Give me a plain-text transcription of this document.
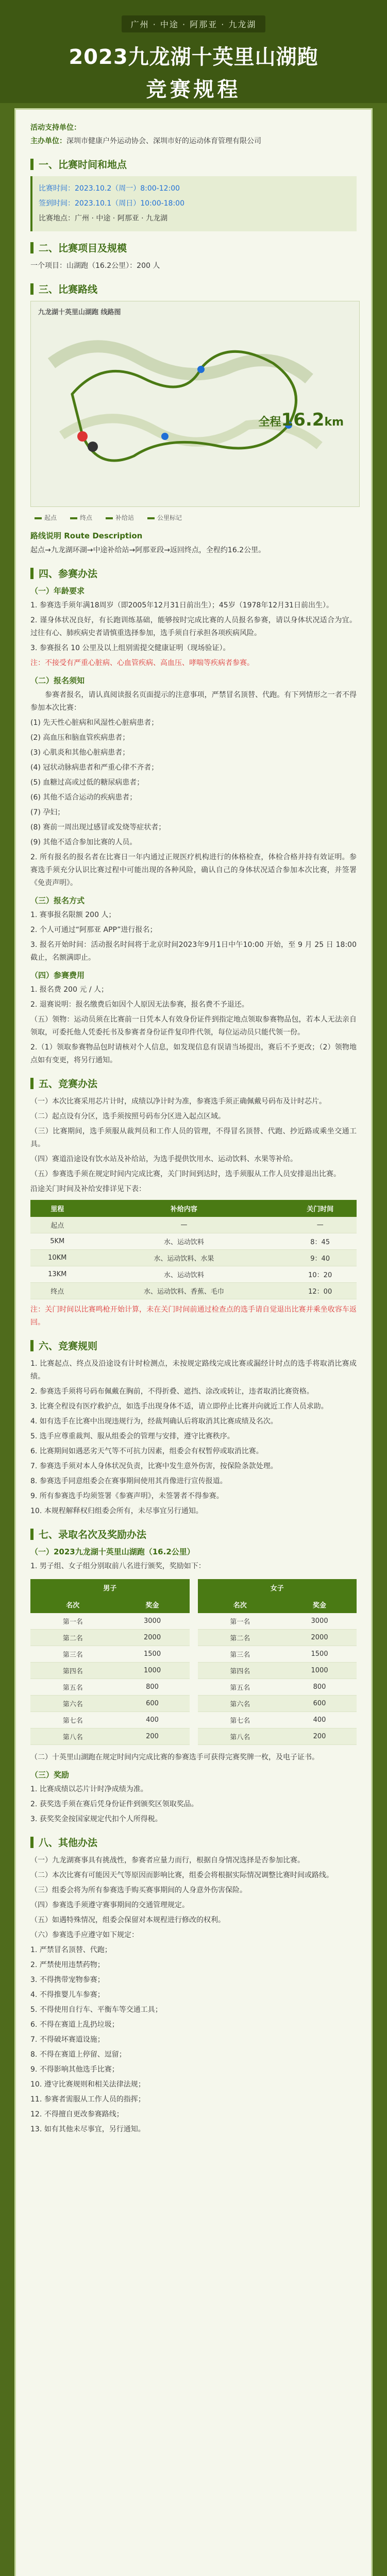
广州 · 中途 · 阿那亚 · 九龙湖
2023九龙湖十英里山湖跑
竞赛规程
活动支持单位：
主办单位：深圳市健康户外运动协会、深圳市好的运动体育管理有限公司
一、比赛时间和地点
比赛时间：2023.10.2（周一）8:00-12:00
签到时间：2023.10.1（周日）10:00-18:00
比赛地点：广州 · 中途 · 阿那亚 · 九龙湖
二、比赛项目及规模
一个项目：山湖跑（16.2公里）：200 人
三、比赛路线
九龙湖十英里山湖跑 线路图
全程16.2km
起点	终点	补给站	公里标记
路线说明 Route Description
起点→九龙湖环湖→中途补给站→阿那亚段→返回终点，全程约16.2公里。
四、参赛办法
（一）年龄要求
1. 参赛选手须年满18周岁（即2005年12月31日前出生）；45岁（1978年12月31日前出生）。
2. 谨身体状况良好，有长跑训练基础，能够按时完成比赛的人员报名参赛，请以身体状况适合为宜。过往有心、肺疾病史者请慎重选择参加，选手须自行承担各项疾病风险。
3. 参赛报名 10 公里及以上组别需提交健康证明（现场验证）。
注：不接受有严重心脏病、心血管疾病、高血压、哮喘等疾病者参赛。
（二）报名须知
参赛者报名，请认真阅读报名页面提示的注意事项，严禁冒名顶替、代跑。有下列情形之一者不得参加本次比赛：
(1) 先天性心脏病和风湿性心脏病患者；
(2) 高血压和脑血管疾病患者；
(3) 心肌炎和其他心脏病患者；
(4) 冠状动脉病患者和严重心律不齐者；
(5) 血糖过高或过低的糖尿病患者；
(6) 其他不适合运动的疾病患者；
(7) 孕妇；
(8) 赛前一周出现过感冒或发烧等症状者；
(9) 其他不适合参加比赛的人员。
2. 所有报名的报名者在比赛日一年内通过正规医疗机构进行的体格检查，体检合格并持有效证明。参赛选手须充分认识比赛过程中可能出现的各种风险，确认自己的身体状况适合参加本次比赛，并签署《免责声明》。
（三）报名方式
1. 赛事报名限额 200 人；
2. 个人可通过“阿那亚 APP”进行报名；
3. 报名开始时间：活动报名时间将于北京时间2023年9月1日中午10:00 开始，至 9 月 25 日 18:00 截止，名额满即止。
（四）参赛费用
1. 报名费 200 元 / 人；
2. 退赛说明：报名缴费后如因个人原因无法参赛，报名费不予退还。
（五）领物：运动员须在比赛前一日凭本人有效身份证件到指定地点领取参赛物品包，若本人无法亲自领取，可委托他人凭委托书及参赛者身份证件复印件代领，每位运动员只能代领一份。
2.（1）领取参赛物品包时请核对个人信息，如发现信息有误请当场提出，赛后不予更改；（2）领物地点如有变更，将另行通知。
五、竞赛办法
（一）本次比赛采用芯片计时，成绩以净计时为准，参赛选手须正确佩戴号码布及计时芯片。
（二）起点设有分区，选手须按照号码布分区进入起点区域。
（三）比赛期间，选手须服从裁判员和工作人员的管理，不得冒名顶替、代跑、抄近路或乘坐交通工具。
（四）赛道沿途设有饮水站及补给站，为选手提供饮用水、运动饮料、水果等补给。
（五）参赛选手须在规定时间内完成比赛，关门时间到达时，选手须服从工作人员安排退出比赛。
沿途关门时间及补给安排详见下表：
里程	补给内容	关门时间
起点	—	—
5KM	水、运动饮料	8：45
10KM	水、运动饮料、水果	9：40
13KM	水、运动饮料	10：20
终点	水、运动饮料、香蕉、毛巾	12：00
注：关门时间以比赛鸣枪开始计算，未在关门时间前通过检查点的选手请自觉退出比赛并乘坐收容车返回。
六、竞赛规则
1. 比赛起点、终点及沿途设有计时检测点，未按规定路线完成比赛或漏经计时点的选手将取消比赛成绩。
2. 参赛选手须将号码布佩戴在胸前，不得折叠、遮挡、涂改或转让，违者取消比赛资格。
3. 比赛全程设有医疗救护点，如选手出现身体不适，请立即停止比赛并向就近工作人员求助。
4. 如有选手在比赛中出现违规行为，经裁判确认后将取消其比赛成绩及名次。
5. 选手应尊重裁判、服从组委会的管理与安排，遵守比赛秩序。
6. 比赛期间如遇恶劣天气等不可抗力因素，组委会有权暂停或取消比赛。
7. 参赛选手须对本人身体状况负责，比赛中发生意外伤害，按保险条款处理。
8. 参赛选手同意组委会在赛事期间使用其肖像进行宣传报道。
9. 所有参赛选手均须签署《参赛声明》，未签署者不得参赛。
10. 本规程解释权归组委会所有，未尽事宜另行通知。
七、录取名次及奖励办法
（一）2023九龙湖十英里山湖跑（16.2公里）
1. 男子组、女子组分别取前八名进行颁奖，奖励如下：
男子	
名次	奖金
第一名	3000
第二名	2000
第三名	1500
第四名	1000
第五名	800
第六名	600
第七名	400
第八名	200
女子	
名次	奖金
第一名	3000
第二名	2000
第三名	1500
第四名	1000
第五名	800
第六名	600
第七名	400
第八名	200
（二）十英里山湖跑在规定时间内完成比赛的参赛选手可获得完赛奖牌一枚，及电子证书。
（三）奖励
1. 比赛成绩以芯片计时净成绩为准。
2. 获奖选手须在赛后凭身份证件到颁奖区领取奖品。
3. 获奖奖金按国家规定代扣个人所得税。
八、其他办法
（一）九龙湖赛事具有挑战性，参赛者应量力而行，根据自身情况选择是否参加比赛。
（二）本次比赛有可能因天气等原因而影响比赛，组委会将根据实际情况调整比赛时间或路线。
（三）组委会将为所有参赛选手购买赛事期间的人身意外伤害保险。
（四）参赛选手须遵守赛事期间的交通管理规定。
（五）如遇特殊情况，组委会保留对本规程进行修改的权利。
（六）参赛选手应遵守如下规定：
1. 严禁冒名顶替、代跑；
2. 严禁使用违禁药物；
3. 不得携带宠物参赛；
4. 不得推婴儿车参赛；
5. 不得使用自行车、平衡车等交通工具；
6. 不得在赛道上乱扔垃圾；
7. 不得破坏赛道设施；
8. 不得在赛道上停留、逗留；
9. 不得影响其他选手比赛；
10. 遵守比赛规则和相关法律法规；
11. 参赛者需服从工作人员的指挥；
12. 不得擅自更改参赛路线；
13. 如有其他未尽事宜，另行通知。
